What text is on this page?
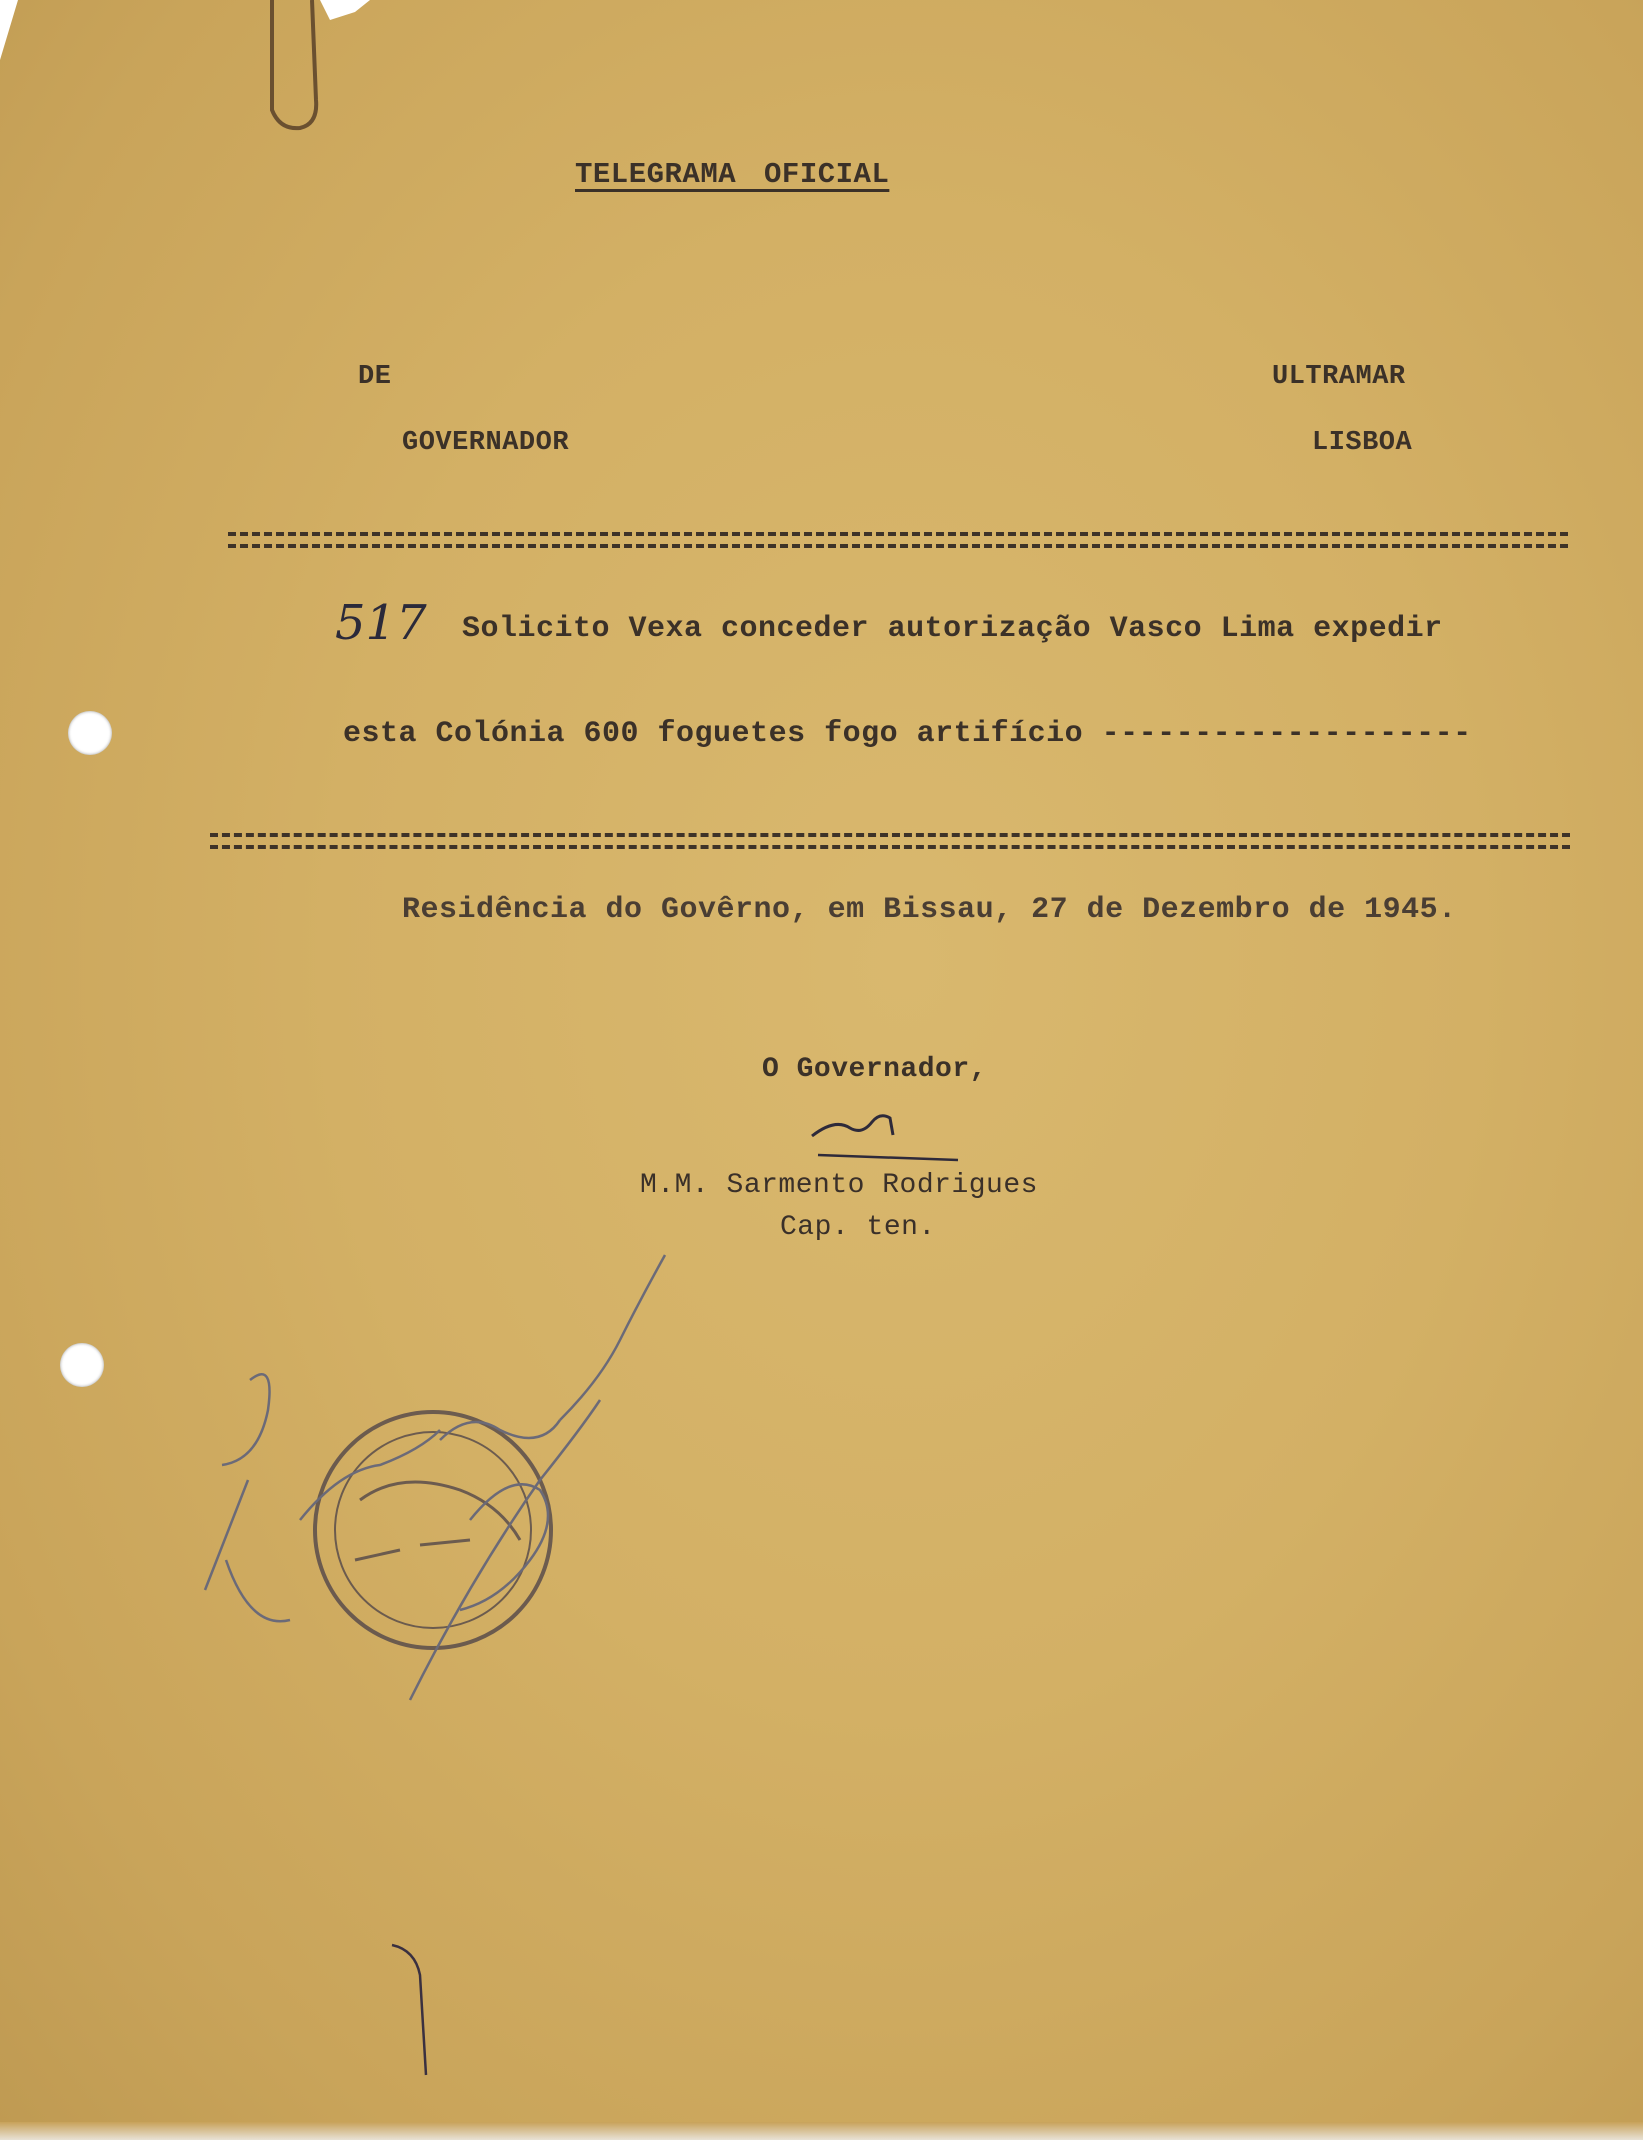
TELEGRAMA OFICIAL
DE	ULTRAMAR
GOVERNADOR	LISBOA
517 Solicito Vexa conceder autorização Vasco Lima expedir
esta Colónia 600 foguetes fogo artifício --------------------
Residência do Govêrno, em Bissau, 27 de Dezembro de 1945.
O Governador,
M.M. Sarmento Rodrigues
Cap. ten.
